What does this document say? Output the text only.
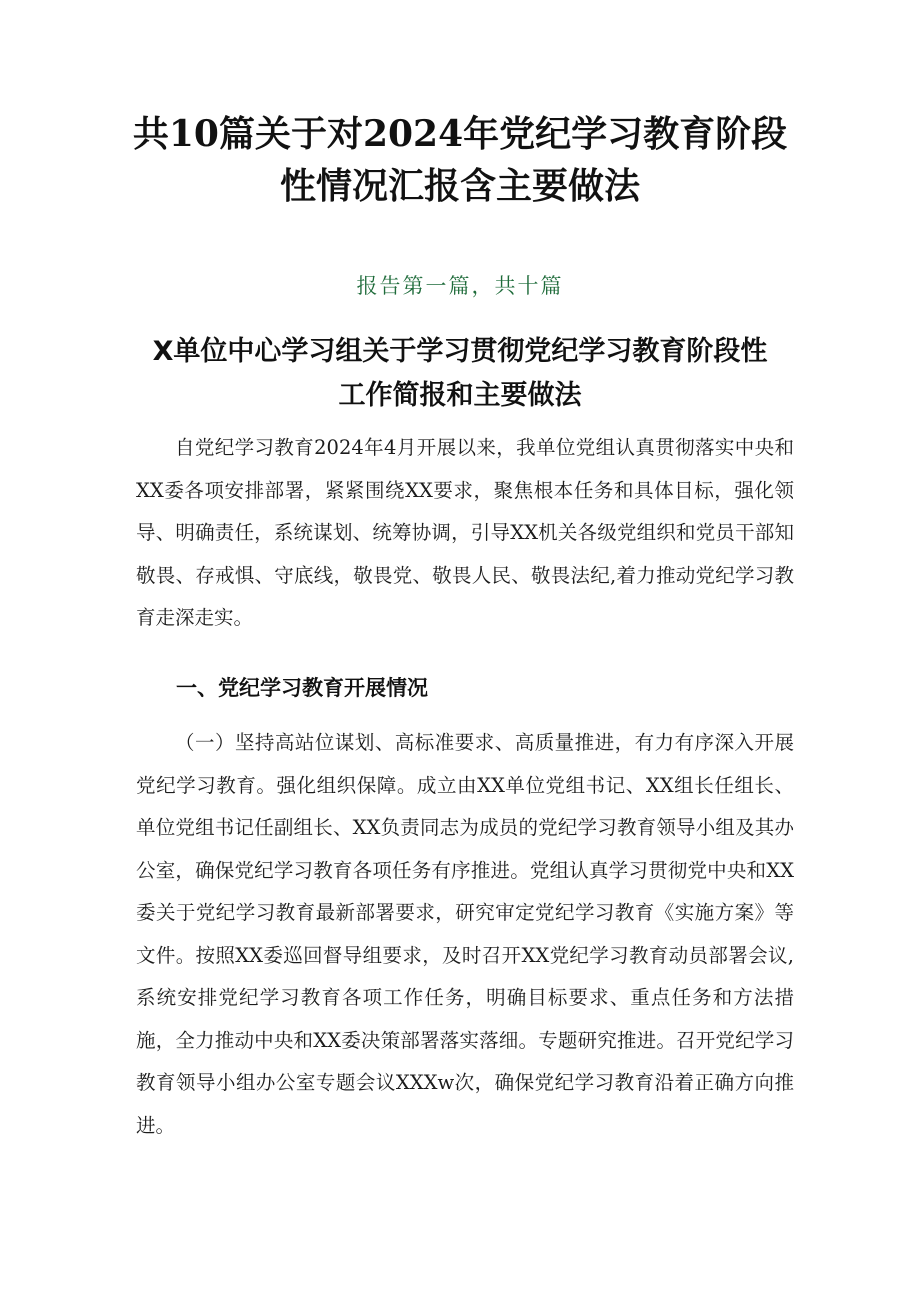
共10篇关于对2024年党纪学习教育阶段
性情况汇报含主要做法

报告第一篇，共十篇

X单位中心学习组关于学习贯彻党纪学习教育阶段性
工作简报和主要做法

自党纪学习教育2024年4月开展以来，我单位党组认真贯彻落实中央和XX委各项安排部署，紧紧围绕XX要求，聚焦根本任务和具体目标，强化领导、明确责任，系统谋划、统筹协调，引导XX机关各级党组织和党员干部知敬畏、存戒惧、守底线，敬畏党、敬畏人民、敬畏法纪,着力推动党纪学习教育走深走实。

一、党纪学习教育开展情况

（一）坚持高站位谋划、高标准要求、高质量推进，有力有序深入开展党纪学习教育。强化组织保障。成立由XX单位党组书记、XX组长任组长、单位党组书记任副组长、XX负责同志为成员的党纪学习教育领导小组及其办公室，确保党纪学习教育各项任务有序推进。党组认真学习贯彻党中央和XX委关于党纪学习教育最新部署要求，研究审定党纪学习教育《实施方案》等文件。按照XX委巡回督导组要求，及时召开XX党纪学习教育动员部署会议,系统安排党纪学习教育各项工作任务，明确目标要求、重点任务和方法措施，全力推动中央和XX委决策部署落实落细。专题研究推进。召开党纪学习教育领导小组办公室专题会议XXXw次，确保党纪学习教育沿着正确方向推进。
